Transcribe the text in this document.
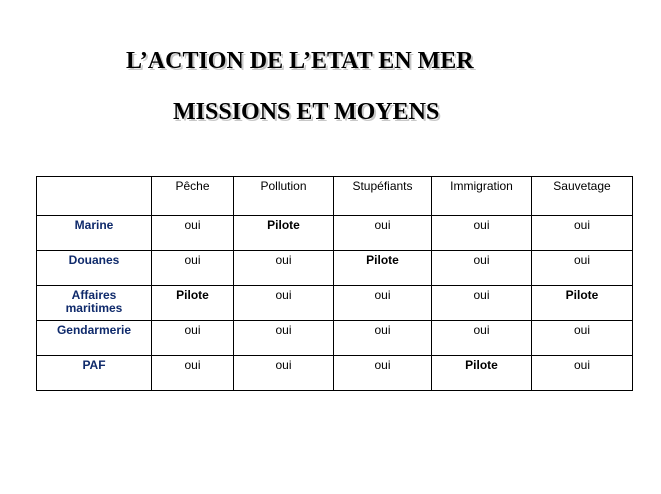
L’ACTION DE L’ETAT EN MER
MISSIONS ET MOYENS
	Pêche	Pollution	Stupéfiants	Immigration	Sauvetage
Marine	oui	Pilote	oui	oui	oui
Douanes	oui	oui	Pilote	oui	oui

Affaires
maritimes	Pilote	oui	oui	oui	Pilote
Gendarmerie	oui	oui	oui	oui	oui
PAF	oui	oui	oui	Pilote	oui
